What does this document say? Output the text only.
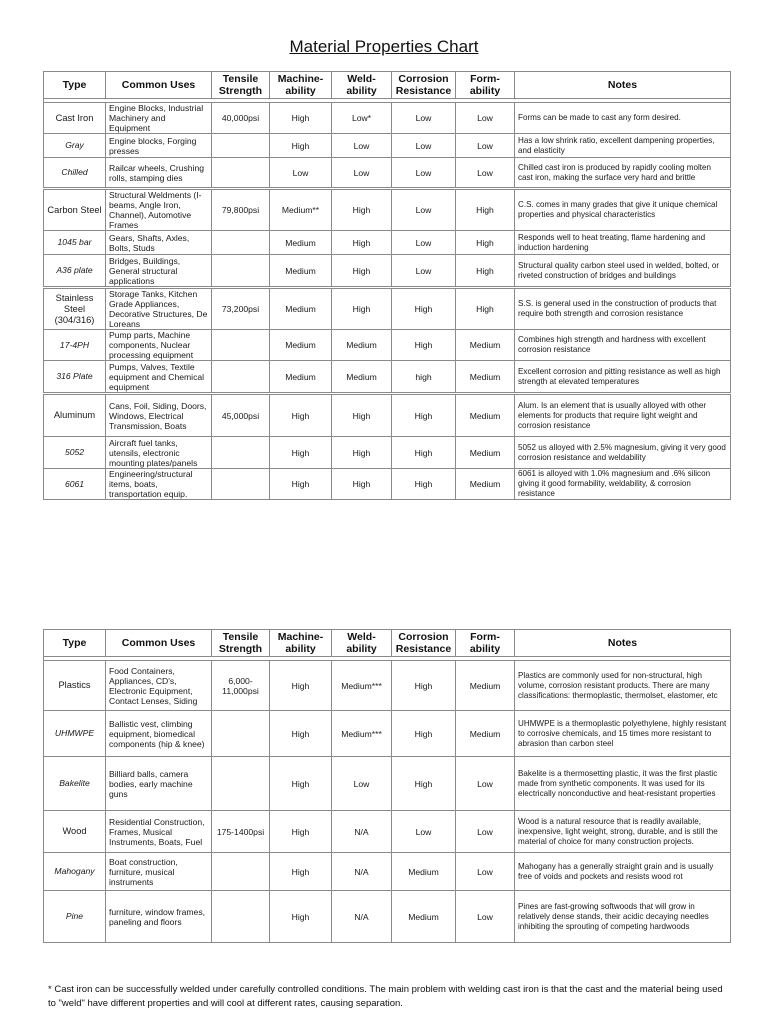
Material Properties Chart
Type	Common Uses	Tensile Strength	Machine-ability	Weld-ability	Corrosion Resistance	Form-ability	Notes

Cast Iron	Engine Blocks, Industrial Machinery and Equipment	40,000psi	High	Low*	Low	Low	Forms can be made to cast any form desired.
Gray	Engine blocks, Forging presses		High	Low	Low	Low	Has a low shrink ratio, excellent dampening properties, and elasticity
Chilled	Railcar wheels, Crushing rolls, stamping dies		Low	Low	Low	Low	Chilled cast iron is produced by rapidly cooling molten cast iron, making the surface very hard and brittle
Carbon Steel	Structural Weldments (I-beams, Angle Iron, Channel), Automotive Frames	79,800psi	Medium**	High	Low	High	C.S. comes in many grades that give it unique chemical properties and physical characteristics
1045 bar	Gears, Shafts, Axles, Bolts, Studs		Medium	High	Low	High	Responds well to heat treating, flame hardening and induction hardening
A36 plate	Bridges, Buildings, General structural applications		Medium	High	Low	High	Structural quality carbon steel used in welded, bolted, or riveted construction of bridges and buildings
Stainless Steel (304/316)	Storage Tanks, Kitchen Grade Appliances, Decorative Structures, De Loreans	73,200psi	Medium	High	High	High	S.S. is general used in the construction of products that require both strength and corrosion resistance
17-4PH	Pump parts, Machine components, Nuclear processing equipment		Medium	Medium	High	Medium	Combines high strength and hardness with excellent corrosion resistance
316 Plate	Pumps, Valves, Textile equipment and Chemical equipment		Medium	Medium	high	Medium	Excellent corrosion and pitting resistance as well as high strength at elevated temperatures
Aluminum	Cans, Foil, Siding, Doors, Windows, Electrical Transmission, Boats	45,000psi	High	High	High	Medium	Alum. Is an element that is usually alloyed with other elements for products that require light weight and corrosion resistance
5052	Aircraft fuel tanks, utensils, electronic mounting plates/panels		High	High	High	Medium	5052 us alloyed with 2.5% magnesium, giving it very good corrosion resistance and weldability
6061	Engineering/structural items, boats, transportation equip.		High	High	High	Medium	6061 is alloyed with 1.0% magnesium and .6% silicon giving it good formability, weldability, & corrosion resistance
Type	Common Uses	Tensile Strength	Machine-ability	Weld-ability	Corrosion Resistance	Form-ability	Notes

Plastics	Food Containers, Appliances, CD's, Electronic Equipment, Contact Lenses, Siding	6,000-11,000psi	High	Medium***	High	Medium	Plastics are commonly used for non-structural, high volume, corrosion resistant products. There are many classifications: thermoplastic, thermolset, elastomer, etc
UHMWPE	Ballistic vest, climbing equipment, biomedical components (hip & knee)		High	Medium***	High	Medium	UHMWPE is a thermoplastic polyethylene, highly resistant to corrosive chemicals, and 15 times more resistant to abrasion than carbon steel
Bakelite	Billiard balls, camera bodies, early machine guns		High	Low	High	Low	Bakelite is a thermosetting plastic, it was the first plastic made from synthetic components. It was used for its electrically nonconductive and heat-resistant properties
Wood	Residential Construction, Frames, Musical Instruments, Boats, Fuel	175-1400psi	High	N/A	Low	Low	Wood is a natural resource that is readily available, inexpensive, light weight, strong, durable, and is still the material of choice for many construction projects.
Mahogany	Boat construction, furniture, musical instruments		High	N/A	Medium	Low	Mahogany has a generally straight grain and is usually free of voids and pockets and resists wood rot
Pine	furniture, window frames, paneling and floors		High	N/A	Medium	Low	Pines are fast-growing softwoods that will grow in relatively dense stands, their acidic decaying needles inhibiting the sprouting of competing hardwoods
* Cast iron can be successfully welded under carefully controlled conditions. The main problem with welding cast iron is that the cast and the material being used to "weld" have different properties and will cool at different rates, causing separation.
